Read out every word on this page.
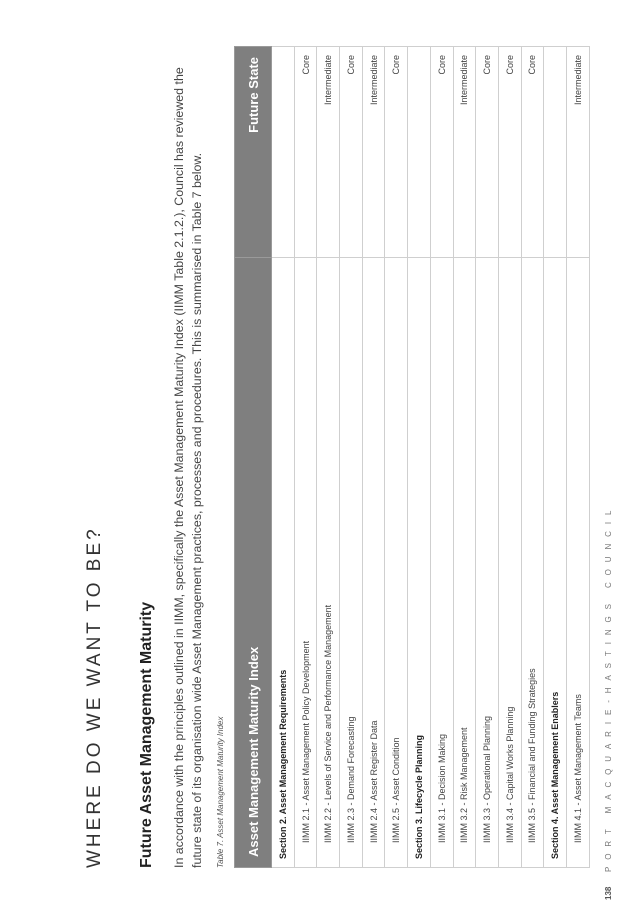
WHERE DO WE WANT TO BE? Future Asset Management Maturity In accordance with the principles outlined in IIMM, specifically the Asset Management Maturity Index (IIMM Table 2.1.2.), Council has reviewed the future state of its organisation wide Asset Management practices, processes and procedures. This is summarised in Table 7 below. Table 7. Asset Management Maturity Index Asset Management Maturity Index	Future State
Section 2. Asset Management Requirements	
IIMM 2.1 - Asset Management Policy Development	Core
IIMM 2.2 - Levels of Service and Performance Management	Intermediate
IIMM 2.3 - Demand Forecasting	Core
IIMM 2.4 - Asset Register Data	Intermediate
IIMM 2.5 - Asset Condition	Core
Section 3. Lifecycle Planning	
IIMM 3.1 - Decision Making	Core
IIMM 3.2 - Risk Management	Intermediate
IIMM 3.3 - Operational Planning	Core
IIMM 3.4 - Capital Works Planning	Core
IIMM 3.5 - Financial and Funding Strategies	Core
Section 4. Asset Management Enablers	
IIMM 4.1 - Asset Management Teams	Intermediate
138
PORT MACQUARIE-HASTINGS COUNCIL
